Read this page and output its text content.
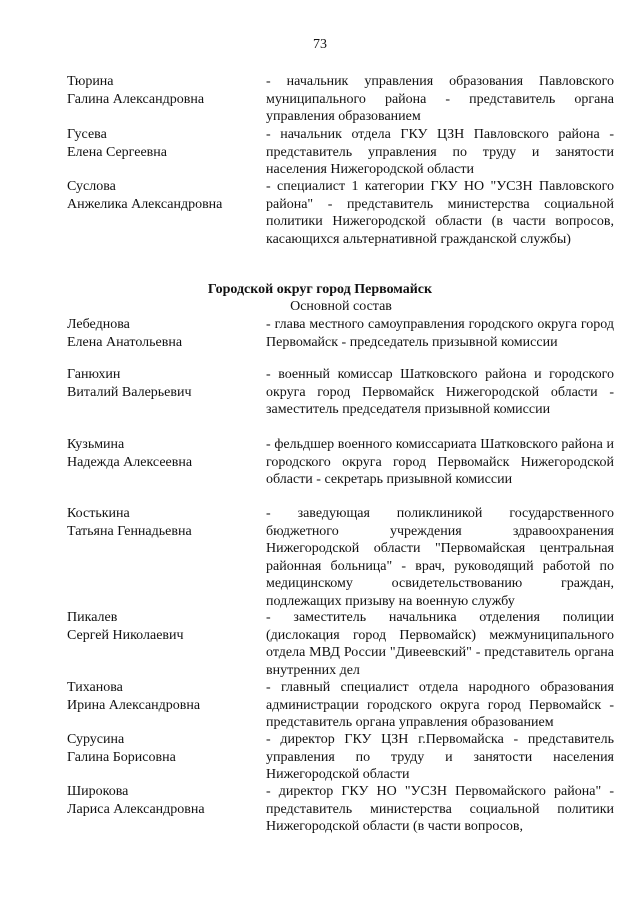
73
Тюрина
Галина Александровна
- начальник управления образования Павловского муниципального района - представитель органа управления образованием
Гусева
Елена Сергеевна
- начальник отдела ГКУ ЦЗН Павловского района - представитель управления по труду и занятости населения Нижегородской области
Суслова
Анжелика Александровна
- специалист 1 категории ГКУ НО "УСЗН Павловского района" - представитель министерства социальной политики Нижегородской области (в части вопросов, касающихся альтернативной гражданской службы)
Городской округ город Первомайск
Основной состав
Лебеднова
Елена Анатольевна
- глава местного самоуправления городского округа город Первомайск - председатель призывной комиссии
Ганюхин
Виталий Валерьевич
- военный комиссар Шатковского района и городского округа город Первомайск Нижегородской области - заместитель председателя призывной комиссии
Кузьмина
Надежда Алексеевна
- фельдшер военного комиссариата Шатковского района и городского округа город Первомайск Нижегородской области - секретарь призывной комиссии
Костькина
Татьяна Геннадьевна
- заведующая поликлиникой государственного бюджетного учреждения здравоохранения Нижегородской области "Первомайская центральная районная больница" - врач, руководящий работой по медицинскому освидетельствованию граждан, подлежащих призыву на военную службу
Пикалев
Сергей Николаевич
- заместитель начальника отделения полиции (дислокация город Первомайск) межмуниципального отдела МВД России "Дивеевский" - представитель органа внутренних дел
Тиханова
Ирина Александровна
- главный специалист отдела народного образования администрации городского округа город Первомайск - представитель органа управления образованием
Сурусина
Галина Борисовна
- директор ГКУ ЦЗН г.Первомайска - представитель управления по труду и занятости населения Нижегородской области
Широкова
Лариса Александровна
- директор ГКУ НО "УСЗН Первомайского района" - представитель министерства социальной политики Нижегородской области (в части вопросов,
